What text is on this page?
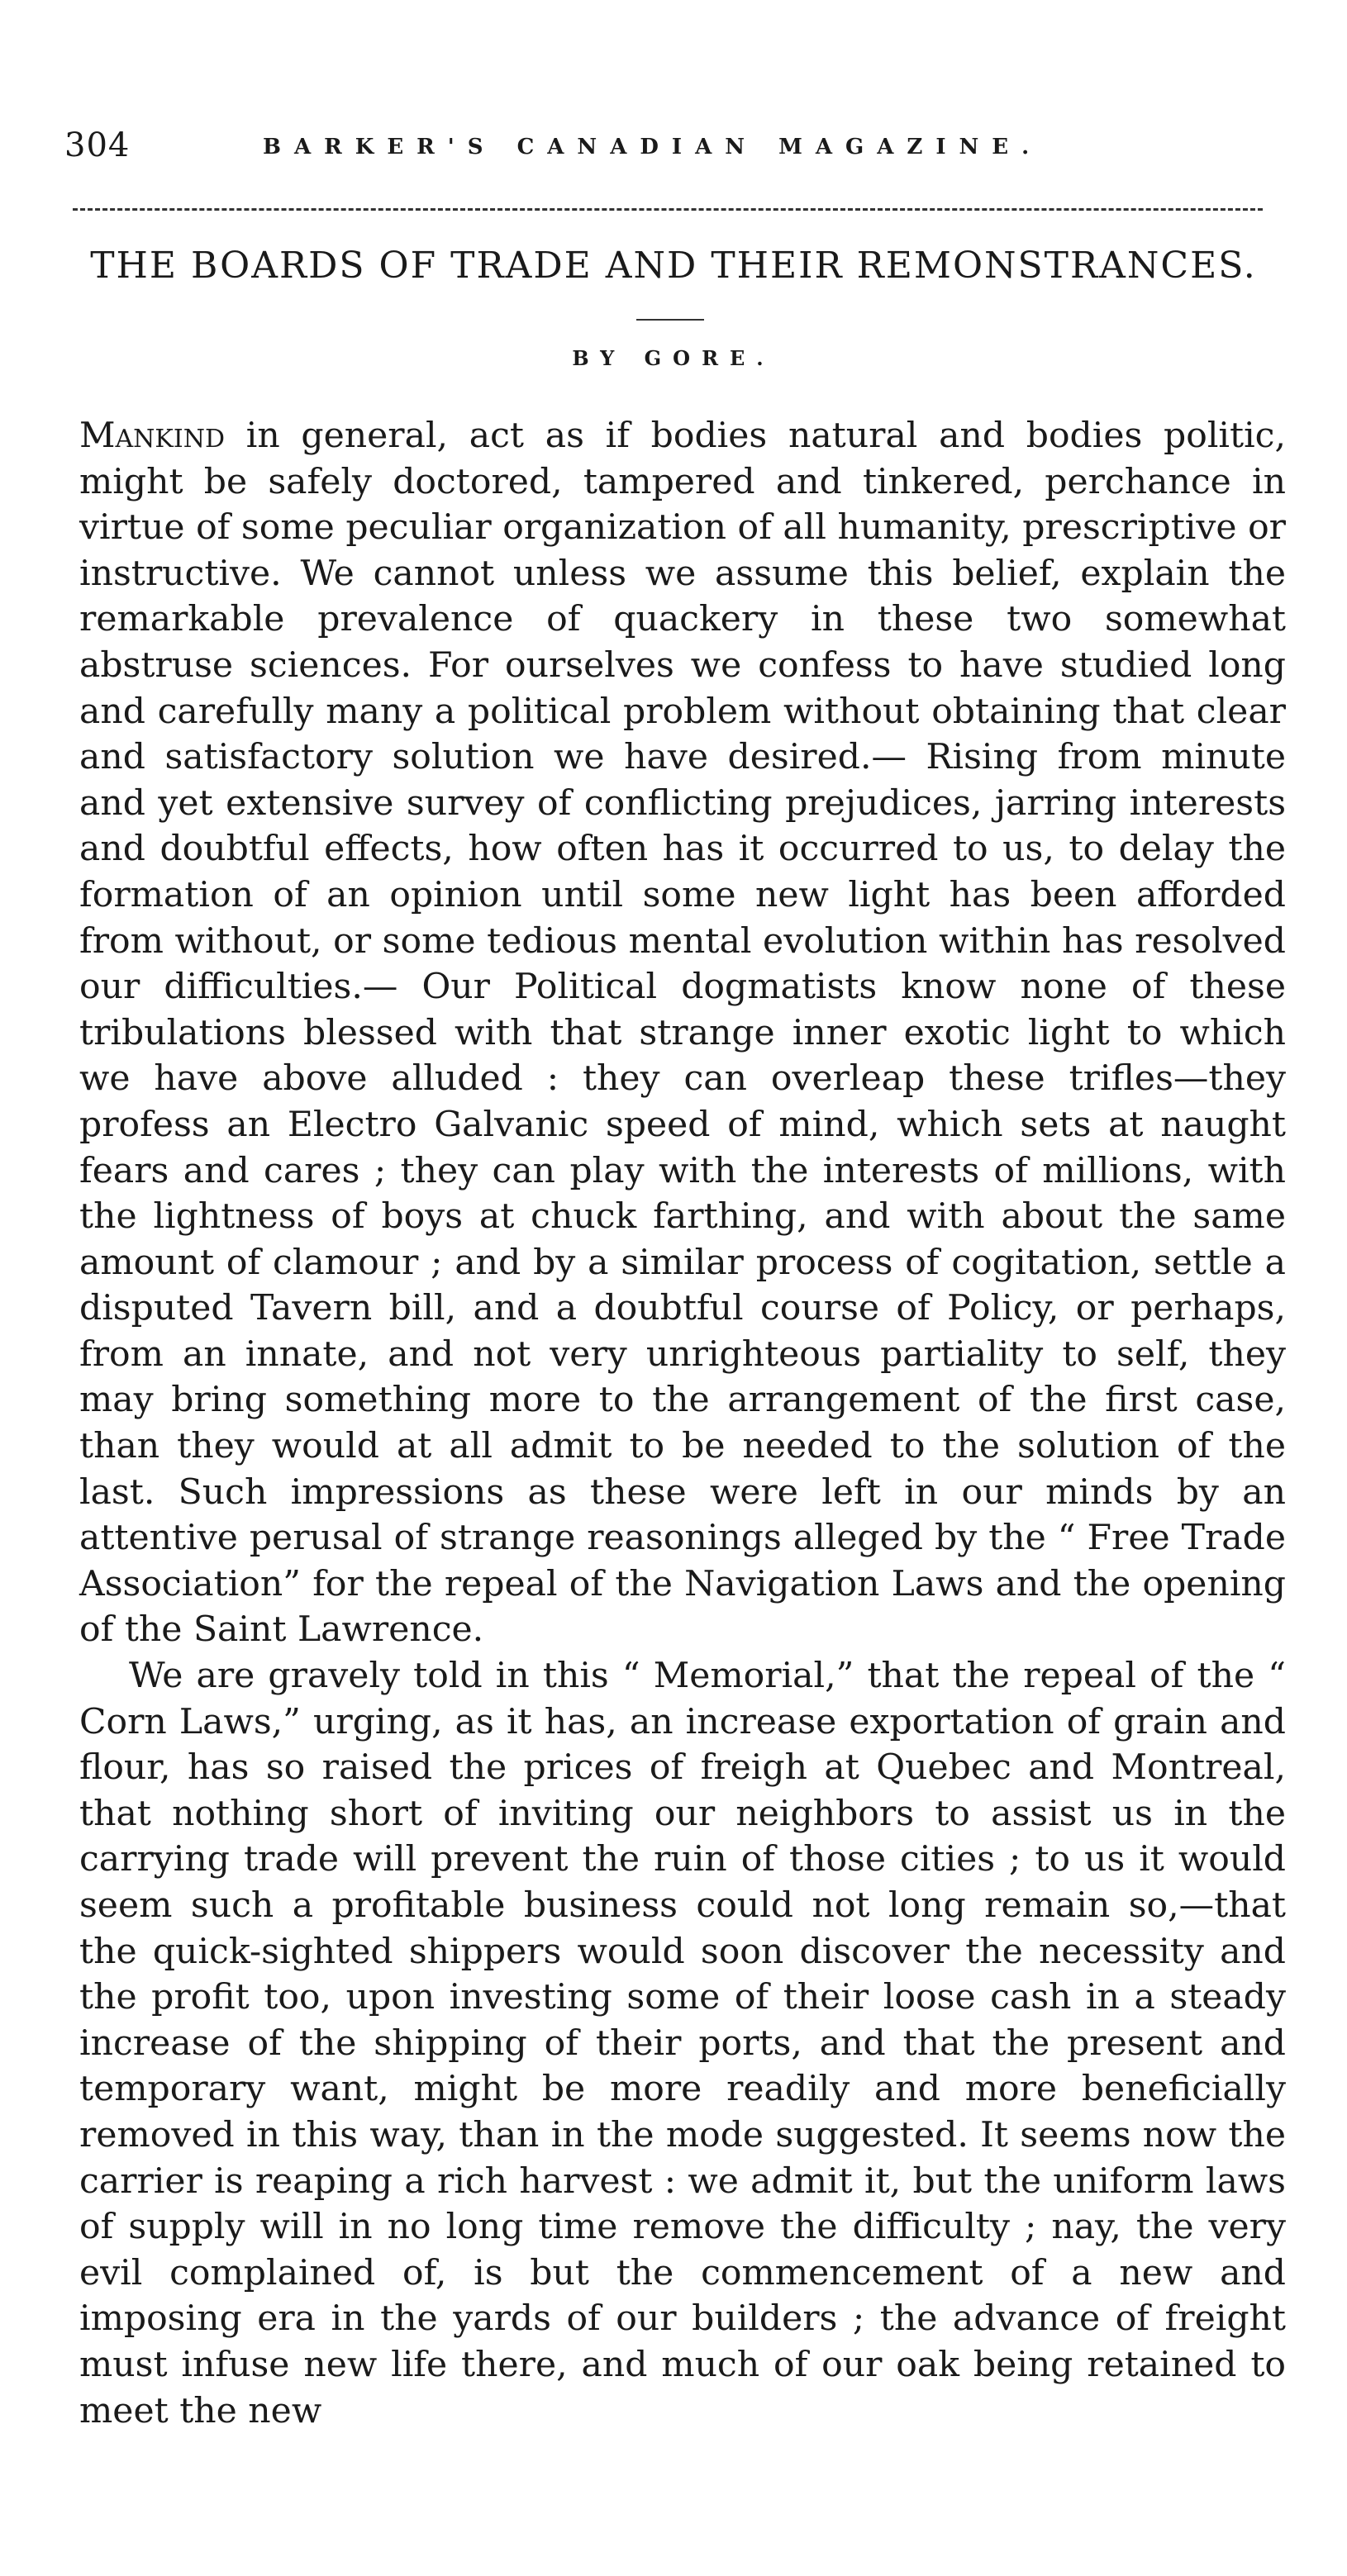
304	BARKER'S CANADIAN MAGAZINE.
THE BOARDS OF TRADE AND THEIR REMONSTRANCES.
BY GORE.

Mankind in general, act as if bodies natural and bodies politic, might be safely doctored, tampered and tinkered, perchance in virtue of some peculiar organization of all humanity, prescriptive or instructive. We cannot unless we assume this belief, explain the remarkable prevalence of quackery in these two somewhat abstruse sciences. For ourselves we confess to have studied long and carefully many a political problem without obtaining that clear and satisfactory solution we have desired.— Rising from minute and yet extensive survey of conflicting prejudices, jarring interests and doubtful effects, how often has it occurred to us, to delay the formation of an opinion until some new light has been afforded from without, or some tedious mental evolution within has resolved our difficulties.— Our Political dogmatists know none of these tribulations blessed with that strange inner exotic light to which we have above alluded : they can overleap these trifles—they profess an Electro Galvanic speed of mind, which sets at naught fears and cares ; they can play with the interests of millions, with the lightness of boys at chuck farthing, and with about the same amount of clamour ; and by a similar process of cogitation, settle a disputed Tavern bill, and a doubtful course of Policy, or perhaps, from an innate, and not very unrighteous partiality to self, they may bring something more to the arrangement of the first case, than they would at all admit to be needed to the solution of the last. Such impressions as these were left in our minds by an attentive perusal of strange reasonings alleged by the “ Free Trade Association” for the repeal of the Navigation Laws and the opening of the Saint Lawrence.

We are gravely told in this “ Memorial,” that the repeal of the “ Corn Laws,” urging, as it has, an increase exportation of grain and flour, has so raised the prices of freigh at Quebec and Montreal, that nothing short of inviting our neighbors to assist us in the carrying trade will prevent the ruin of those cities ; to us it would seem such a profitable business could not long remain so,—that the quick-sighted shippers would soon discover the necessity and the profit too, upon investing some of their loose cash in a steady increase of the shipping of their ports, and that the present and temporary want, might be more readily and more beneficially removed in this way, than in the mode suggested. It seems now the carrier is reaping a rich harvest : we admit it, but the uniform laws of supply will in no long time remove the difficulty ; nay, the very evil complained of, is but the commencement of a new and imposing era in the yards of our builders ; the advance of freight must infuse new life there, and much of our oak being retained to meet the new
